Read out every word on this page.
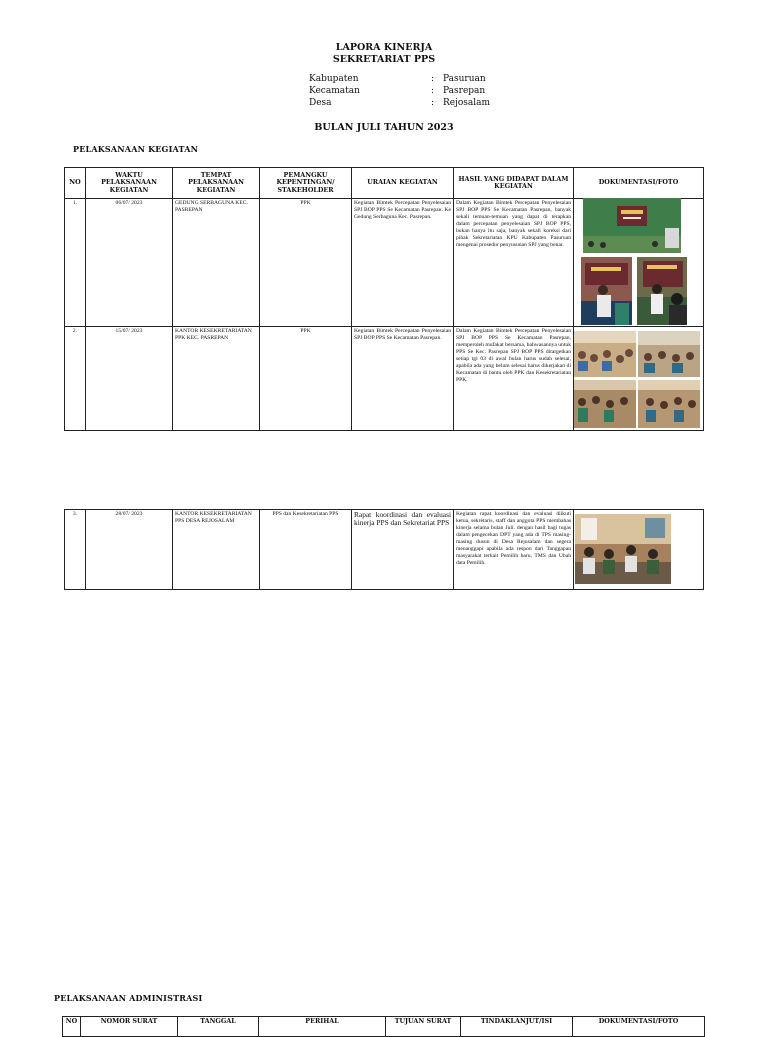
LAPORA KINERJA
SEKRETARIAT PPS
Kabupaten	: Pasuruan
Kecamatan	: Pasrepan
Desa	: Rejosalam
BULAN JULI TAHUN 2023
PELAKSANAAN KEGIATAN
NO	WAKTU PELAKSANAAN KEGIATAN	TEMPAT PELAKSANAAN KEGIATAN	PEMANGKU KEPENTINGAN/ STAKEHOLDER	URAIAN KEGIATAN	HASIL YANG DIDAPAT DALAM KEGIATAN	DOKUMENTASI/FOTO
1.	06/07/ 2023	GEDUNG SERBAGUNA KEC. PASREPAN	PPK	Kegiatan Bimtek Percepatan Penyelesaian SPJ BOP PPS Se Kecamatan Pasrepan. Ke Gedung Serbaguna Kec. Pasrepan.	Dalam Kegiatan Bimtek Percepatan Penyelesaian SPJ BOP PPS Se Kecamatan Pasrepan, banyak sekali temuan-temuan yang dapat di terapkan dalam percepatan penyelesaian SPJ BOP PPS, bukan hanya itu saja, banyak sekali koreksi dari pihak Sekretariatan KPU Kabupaten Pasuruan mengenai prosedur penyusunan SPJ yang benar.	
2.	15/07/ 2023	KANTOR KESEKRETARIATAN PPK KEC. PASREPAN	PPK	Kegiatan Bimtek Percepatan Penyelesaian SPJ BOP PPS Se Kecamatan Pasrepan.	Dalam Kegiatan Bimtek Percepatan Penyelesaian SPJ BOP PPS Se Kecamatan Pasrepan, memperoleh mufakat bersama, bahwasannya untuk PPS Se Kec. Pasrepan SPJ BOP PPS ditargetkan setiap tgl 03 di awal bulan harus sudah selesai, apabila ada yang belum selesai harus dikerjakan di Kecamatan di bantu oleh PPK dan Kesekretariatan PPK.	
3.	28/07/ 2023	KANTOR KESEKRETARIATAN PPS DESA REJOSALAM	PPS dan Kesekretariatan PPS	Rapat koordinasi dan evaluasi kinerja PPS dan Sekretariat PPS	Kegiatan rapat koordinasi dan evaluasi diikuti ketua, sekretaris, staff dan anggota PPS membahas kinerja selama bulan Juli. dengan hasil bagi tugas dalam pengecekan DPT yang ada di TPS masing-masing dusun di Desa Rejosalam dan segera menanggapi apabila ada respon dari Tanggapan masyarakat terkait Pemilih baru, TMS dan Ubah data Pemilih.	
PELAKSANAAN ADMINISTRASI
NO	NOMOR SURAT	TANGGAL	PERIHAL	TUJUAN SURAT	TINDAKLANJUT/ISI	DOKUMENTASI/FOTO
